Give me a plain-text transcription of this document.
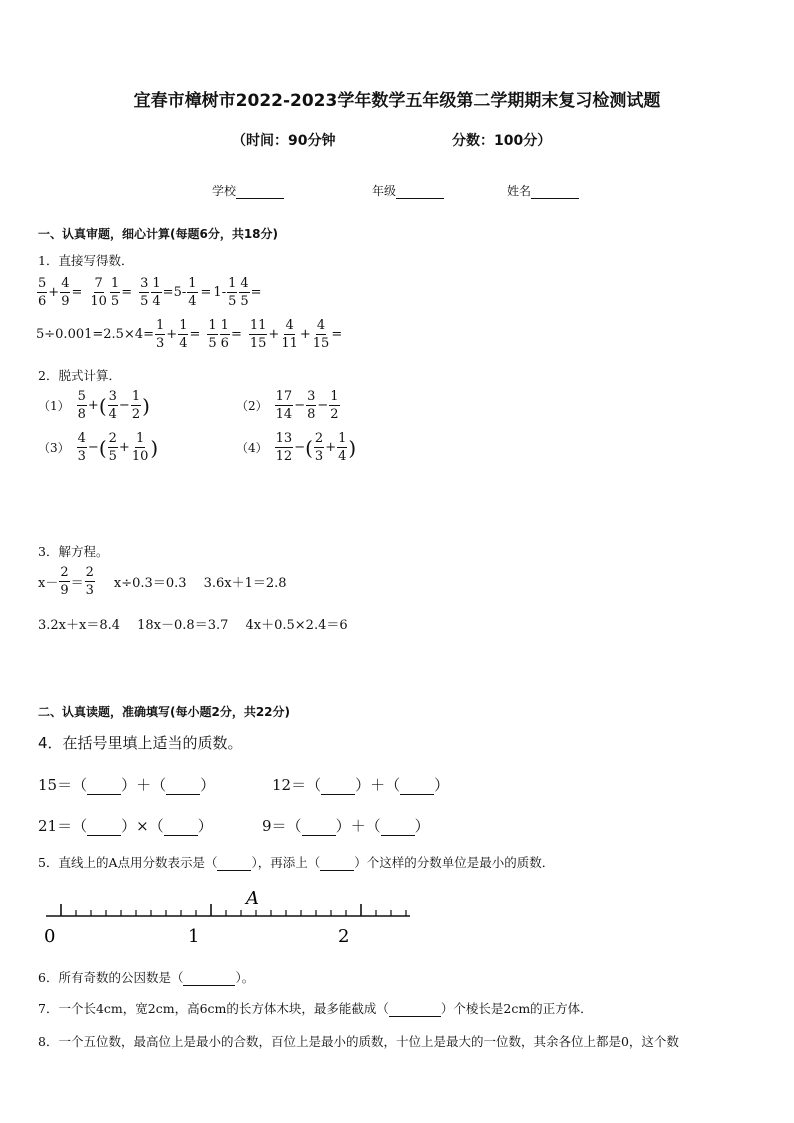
宜春市樟树市2022-2023学年数学五年级第二学期期末复习检测试题
（时间：90分钟	分数：100分）
学校	年级	姓名
一、认真审题，细心计算(每题6分，共18分)
1．直接写得数．
$\frac{5}{6} + \frac{4}{9} = \frac{7}{10} \frac{1}{5} = \frac{3}{5} \frac{1}{4} =5- \frac{1}{4} = 1- \frac{1}{5} \frac{4}{5}$ =
$5\div 0.001=2.5\times 4= \frac{1}{3} + \frac{1}{4} = \frac{1}{5} \frac{1}{6} = \frac{11}{15} + \frac{4}{11} + \frac{4}{15}$ =
2．脱式计算．
$(1) \frac{5}{8}$ + ( $\frac{3}{4} - \frac{1}{2}$ )	$(2) \frac{17}{14} - \frac{3}{8} - \frac{1}{2}$
$(3) \frac{4}{3}$ − ( $\frac{2}{5} + \frac{1}{10}$ )	$(4) \frac{13}{12}$ − ( $\frac{2}{3} + \frac{1}{4}$ )
3．解方程。
$x- \frac{2}{9} = \frac{2}{3} x\div 0.3=0.3$　 3.6x＋1＝2.8
3.2x＋x＝8.4　 18x－0.8＝3.7　 4x＋0.5×2.4＝6
二、认真读题，准确填写(每小题2分，共22分)
4．在括号里填上适当的质数。
15＝（ ）＋（ ）	12＝（ ）＋（ ）
21＝（ ）×（ ）	9＝（ ）＋（ ）
5．直线上的A点用分数表示是（	），再添上（	）个这样的分数单位是最小的质数．
0	1	2
A
6．所有奇数的公因数是（	）。
7．一个长4cm，宽2cm，高6cm的长方体木块，最多能截成（	）个棱长是2cm的正方体．
8．一个五位数，最高位上是最小的合数，百位上是最小的质数，十位上是最大的一位数，其余各位上都是0，这个数
